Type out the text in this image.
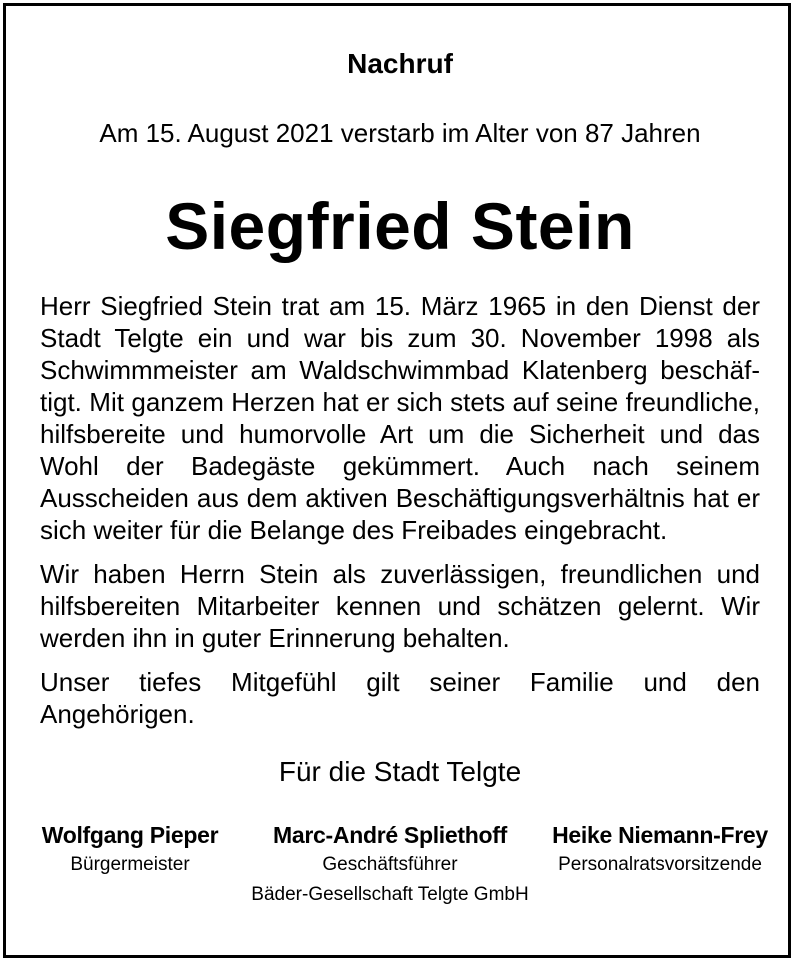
Nachruf
Am 15. August 2021 verstarb im Alter von 87 Jahren
Siegfried Stein
Herr Siegfried Stein trat am 15. März 1965 in den Dienst der Stadt Telgte ein und war bis zum 30. November 1998 als Schwimmmeister am Waldschwimmbad Klatenberg beschäftigt. Mit ganzem Herzen hat er sich stets auf seine freundliche, hilfsbereite und humorvolle Art um die Sicherheit und das Wohl der Badegäste gekümmert. Auch nach seinem Ausscheiden aus dem aktiven Beschäftigungsverhältnis hat er sich weiter für die Belange des Freibades eingebracht.
Wir haben Herrn Stein als zuverlässigen, freundlichen und hilfsbereiten Mitarbeiter kennen und schätzen gelernt. Wir werden ihn in guter Erinnerung behalten.
Unser tiefes Mitgefühl gilt seiner Familie und den Angehörigen.
Für die Stadt Telgte
Wolfgang Pieper
Bürgermeister
Marc-André Spliethoff
Geschäftsführer
Bäder-Gesellschaft Telgte GmbH
Heike Niemann-Frey
Personalratsvorsitzende
